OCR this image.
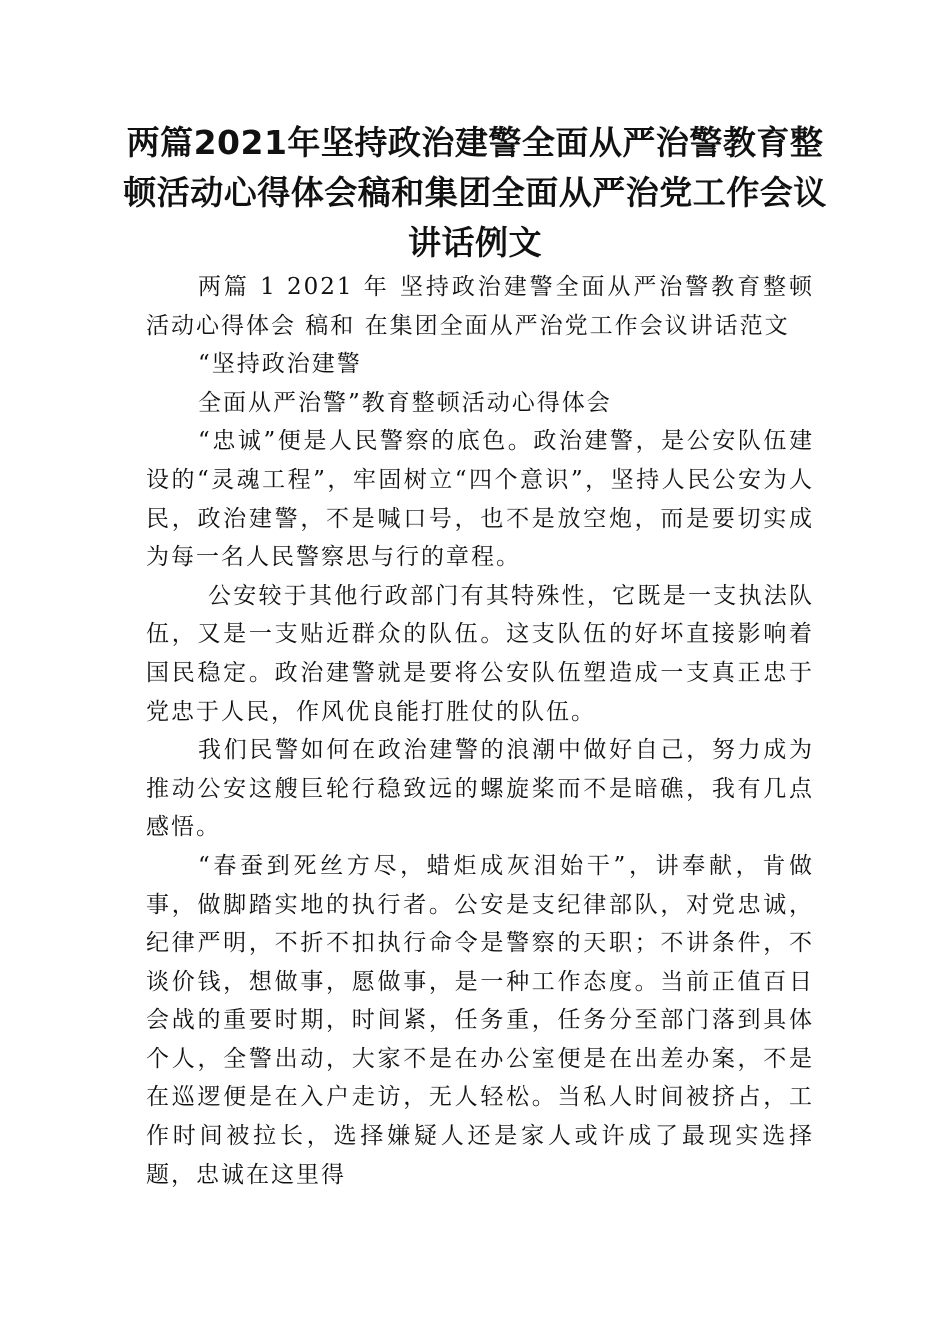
两篇2021年坚持政治建警全面从严治警教育整顿活动心得体会稿和集团全面从严治党工作会议讲话例文

两篇 1 2021 年 坚持政治建警全面从严治警教育整顿活动心得体会 稿和 在集团全面从严治党工作会议讲话范文

“坚持政治建警

全面从严治警”教育整顿活动心得体会

“忠诚”便是人民警察的底色。政治建警，是公安队伍建设的“灵魂工程”，牢固树立“四个意识”，坚持人民公安为人民，政治建警，不是喊口号，也不是放空炮，而是要切实成为每一名人民警察思与行的章程。

公安较于其他行政部门有其特殊性，它既是一支执法队伍，又是一支贴近群众的队伍。这支队伍的好坏直接影响着国民稳定。政治建警就是要将公安队伍塑造成一支真正忠于党忠于人民，作风优良能打胜仗的队伍。

我们民警如何在政治建警的浪潮中做好自己，努力成为推动公安这艘巨轮行稳致远的螺旋桨而不是暗礁，我有几点感悟。

“春蚕到死丝方尽，蜡炬成灰泪始干”，讲奉献，肯做事，做脚踏实地的执行者。公安是支纪律部队，对党忠诚，纪律严明，不折不扣执行命令是警察的天职；不讲条件，不谈价钱，想做事，愿做事，是一种工作态度。当前正值百日会战的重要时期，时间紧，任务重，任务分至部门落到具体个人，全警出动，大家不是在办公室便是在出差办案，不是在巡逻便是在入户走访，无人轻松。当私人时间被挤占，工作时间被拉长，选择嫌疑人还是家人或许成了最现实选择题，忠诚在这里得
